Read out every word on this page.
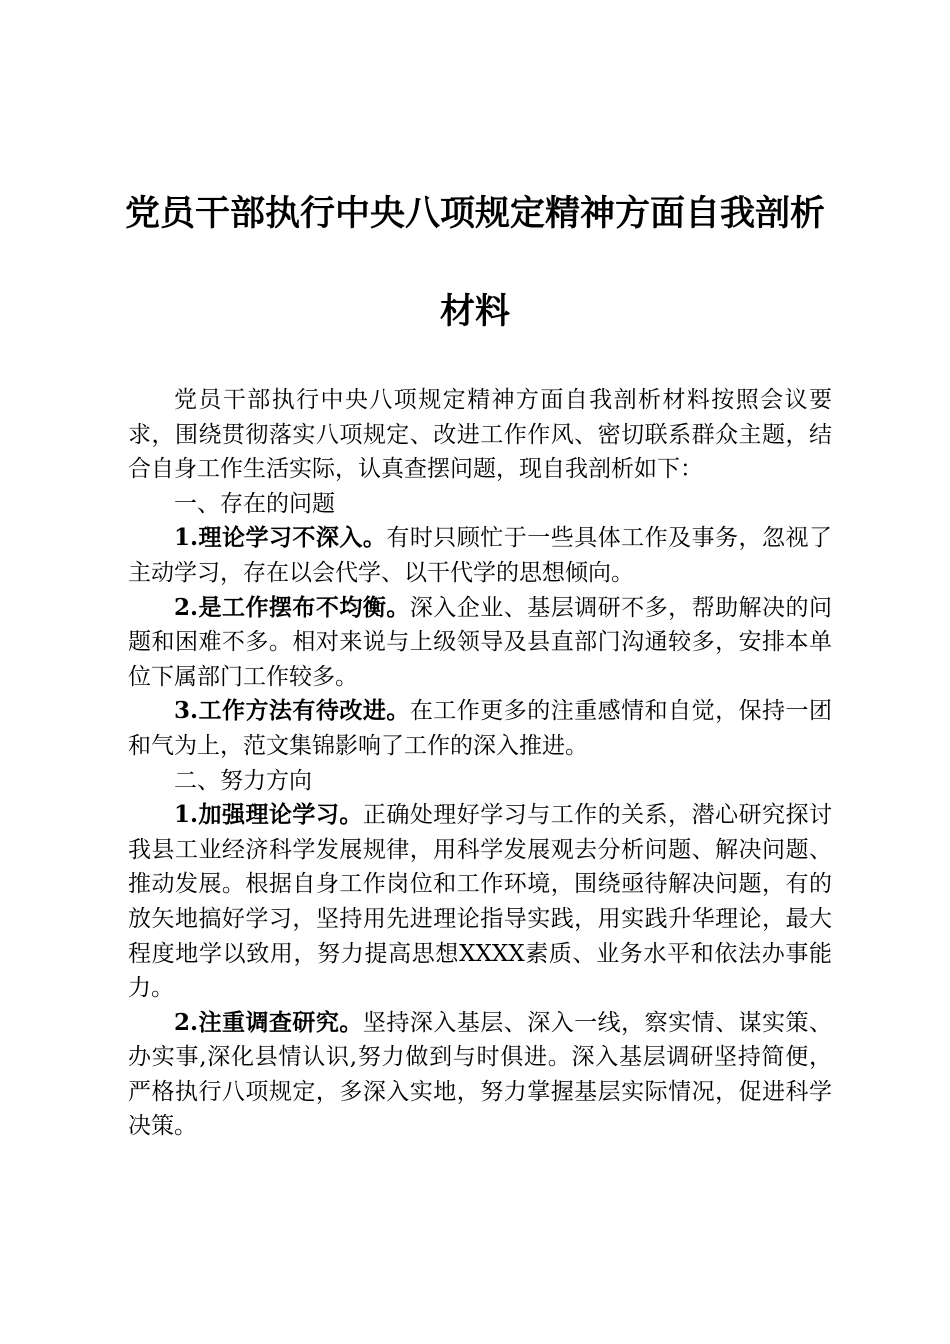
党员干部执行中央八项规定精神方面自我剖析
材料

党员干部执行中央八项规定精神方面自我剖析材料按照会议要求，围绕贯彻落实八项规定、改进工作作风、密切联系群众主题，结合自身工作生活实际，认真查摆问题，现自我剖析如下：

一、存在的问题

1.理论学习不深入。有时只顾忙于一些具体工作及事务，忽视了主动学习，存在以会代学、以干代学的思想倾向。

2.是工作摆布不均衡。深入企业、基层调研不多，帮助解决的问题和困难不多。相对来说与上级领导及县直部门沟通较多，安排本单位下属部门工作较多。

3.工作方法有待改进。在工作更多的注重感情和自觉，保持一团和气为上，范文集锦影响了工作的深入推进。

二、努力方向

1.加强理论学习。正确处理好学习与工作的关系，潜心研究探讨我县工业经济科学发展规律，用科学发展观去分析问题、解决问题、推动发展。根据自身工作岗位和工作环境，围绕亟待解决问题，有的放矢地搞好学习，坚持用先进理论指导实践，用实践升华理论，最大程度地学以致用，努力提高思想XXXX素质、业务水平和依法办事能力。

2.注重调查研究。坚持深入基层、深入一线，察实情、谋实策、办实事,深化县情认识,努力做到与时俱进。深入基层调研坚持简便，严格执行八项规定，多深入实地，努力掌握基层实际情况，促进科学决策。
